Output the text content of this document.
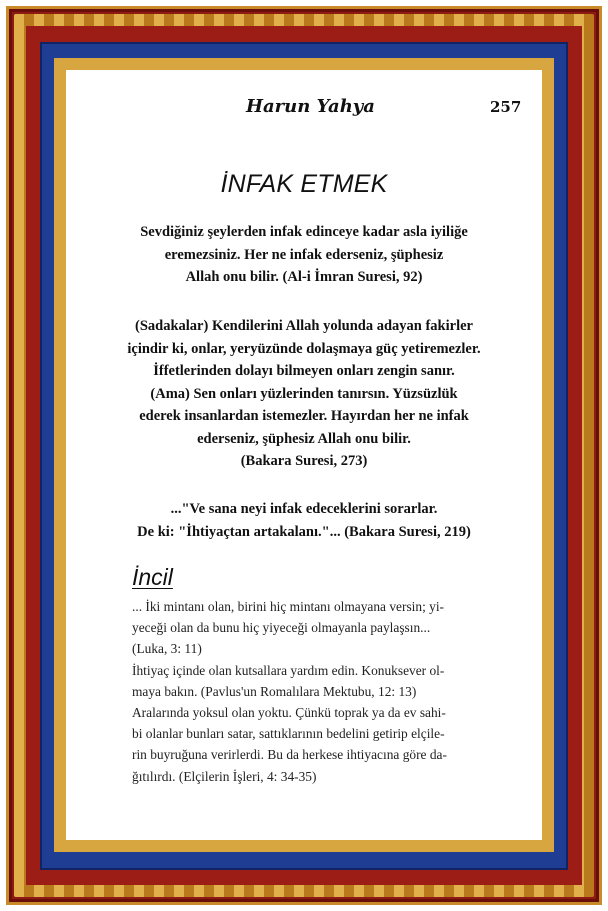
Harun Yahya	257
İNFAK ETMEK
Sevdiğiniz şeylerden infak edinceye kadar asla iyiliğe
eremezsiniz. Her ne infak ederseniz, şüphesiz
Allah onu bilir. (Al-i İmran Suresi, 92)
(Sadakalar) Kendilerini Allah yolunda adayan fakirler
içindir ki, onlar, yeryüzünde dolaşmaya güç yetiremezler.
İffetlerinden dolayı bilmeyen onları zengin sanır.
(Ama) Sen onları yüzlerinden tanırsın. Yüzsüzlük
ederek insanlardan istemezler. Hayırdan her ne infak
ederseniz, şüphesiz Allah onu bilir.
(Bakara Suresi, 273)
..."Ve sana neyi infak edeceklerini sorarlar.
De ki: "İhtiyaçtan artakalanı."... (Bakara Suresi, 219)
İncil
... İki mintanı olan, birini hiç mintanı olmayana versin; yi-
yeceği olan da bunu hiç yiyeceği olmayanla paylaşsın...
(Luka, 3: 11)
İhtiyaç içinde olan kutsallara yardım edin. Konuksever ol-
maya bakın. (Pavlus'un Romalılara Mektubu, 12: 13)
Aralarında yoksul olan yoktu. Çünkü toprak ya da ev sahi-
bi olanlar bunları satar, sattıklarının bedelini getirip elçile-
rin buyruğuna verirlerdi. Bu da herkese ihtiyacına göre da-
ğıtılırdı. (Elçilerin İşleri, 4: 34-35)
